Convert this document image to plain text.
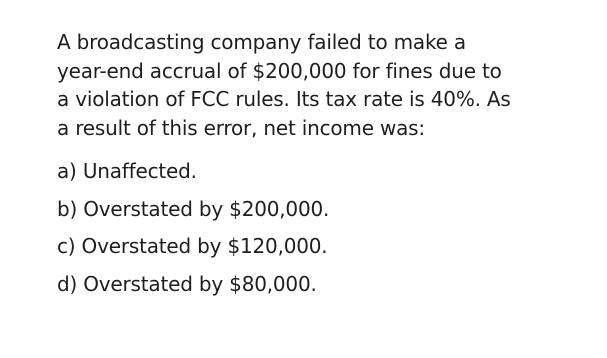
A broadcasting company failed to make a
year-end accrual of $200,000 for fines due to
a violation of FCC rules. Its tax rate is 40%. As
a result of this error, net income was:

a) Unaffected.
b) Overstated by $200,000.
c) Overstated by $120,000.
d) Overstated by $80,000.
